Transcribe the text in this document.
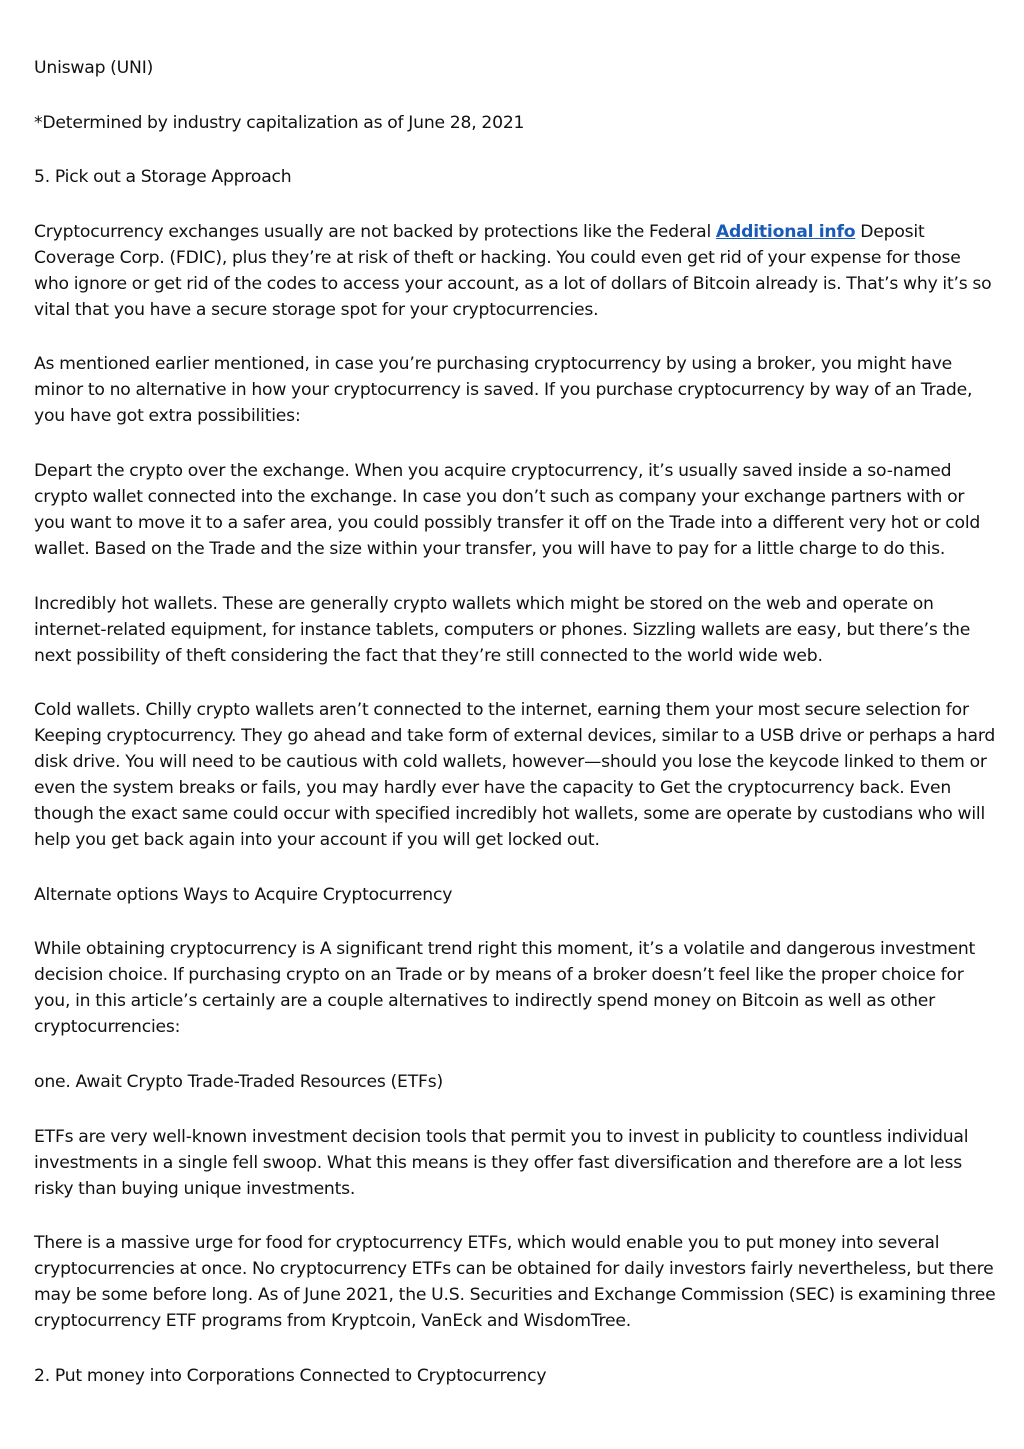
Uniswap (UNI)

*Determined by industry capitalization as of June 28, 2021

5. Pick out a Storage Approach

Cryptocurrency exchanges usually are not backed by protections like the Federal Additional info Deposit Coverage Corp. (FDIC), plus they’re at risk of theft or hacking. You could even get rid of your expense for those who ignore or get rid of the codes to access your account, as a lot of dollars of Bitcoin already is. That’s why it’s so vital that you have a secure storage spot for your cryptocurrencies.

As mentioned earlier mentioned, in case you’re purchasing cryptocurrency by using a broker, you might have minor to no alternative in how your cryptocurrency is saved. If you purchase cryptocurrency by way of an Trade, you have got extra possibilities:

Depart the crypto over the exchange. When you acquire cryptocurrency, it’s usually saved inside a so-named crypto wallet connected into the exchange. In case you don’t such as company your exchange partners with or you want to move it to a safer area, you could possibly transfer it off on the Trade into a different very hot or cold wallet. Based on the Trade and the size within your transfer, you will have to pay for a little charge to do this.

Incredibly hot wallets. These are generally crypto wallets which might be stored on the web and operate on internet-related equipment, for instance tablets, computers or phones. Sizzling wallets are easy, but there’s the next possibility of theft considering the fact that they’re still connected to the world wide web.

Cold wallets. Chilly crypto wallets aren’t connected to the internet, earning them your most secure selection for Keeping cryptocurrency. They go ahead and take form of external devices, similar to a USB drive or perhaps a hard disk drive. You will need to be cautious with cold wallets, however—should you lose the keycode linked to them or even the system breaks or fails, you may hardly ever have the capacity to Get the cryptocurrency back. Even though the exact same could occur with specified incredibly hot wallets, some are operate by custodians who will help you get back again into your account if you will get locked out.

Alternate options Ways to Acquire Cryptocurrency

While obtaining cryptocurrency is A significant trend right this moment, it’s a volatile and dangerous investment decision choice. If purchasing crypto on an Trade or by means of a broker doesn’t feel like the proper choice for you, in this article’s certainly are a couple alternatives to indirectly spend money on Bitcoin as well as other cryptocurrencies:

one. Await Crypto Trade-Traded Resources (ETFs)

ETFs are very well-known investment decision tools that permit you to invest in publicity to countless individual investments in a single fell swoop. What this means is they offer fast diversification and therefore are a lot less risky than buying unique investments.

There is a massive urge for food for cryptocurrency ETFs, which would enable you to put money into several cryptocurrencies at once. No cryptocurrency ETFs can be obtained for daily investors fairly nevertheless, but there may be some before long. As of June 2021, the U.S. Securities and Exchange Commission (SEC) is examining three cryptocurrency ETF programs from Kryptcoin, VanEck and WisdomTree.

2. Put money into Corporations Connected to Cryptocurrency
